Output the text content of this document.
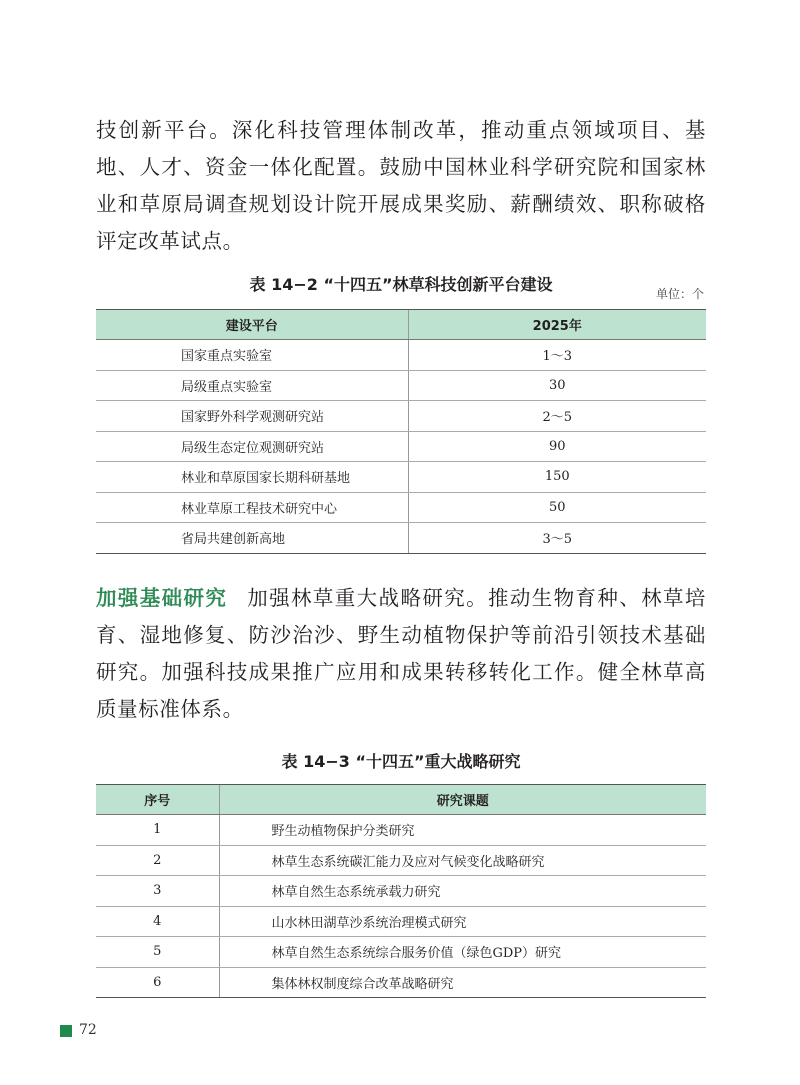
技创新平台。深化科技管理体制改革，推动重点领域项目、基地、人才、资金一体化配置。鼓励中国林业科学研究院和国家林业和草原局调查规划设计院开展成果奖励、薪酬绩效、职称破格评定改革试点。

表 14−2 “十四五”林草科技创新平台建设	单位：个
建设平台	2025年
国家重点实验室	1～3
局级重点实验室	30
国家野外科学观测研究站	2～5
局级生态定位观测研究站	90
林业和草原国家长期科研基地	150
林业草原工程技术研究中心	50
省局共建创新高地	3～5

加强基础研究 加强林草重大战略研究。推动生物育种、林草培育、湿地修复、防沙治沙、野生动植物保护等前沿引领技术基础研究。加强科技成果推广应用和成果转移转化工作。健全林草高质量标准体系。

表 14−3 “十四五”重大战略研究
序号	研究课题
1	野生动植物保护分类研究
2	林草生态系统碳汇能力及应对气候变化战略研究
3	林草自然生态系统承载力研究
4	山水林田湖草沙系统治理模式研究
5	林草自然生态系统综合服务价值（绿色GDP）研究
6	集体林权制度综合改革战略研究
72
